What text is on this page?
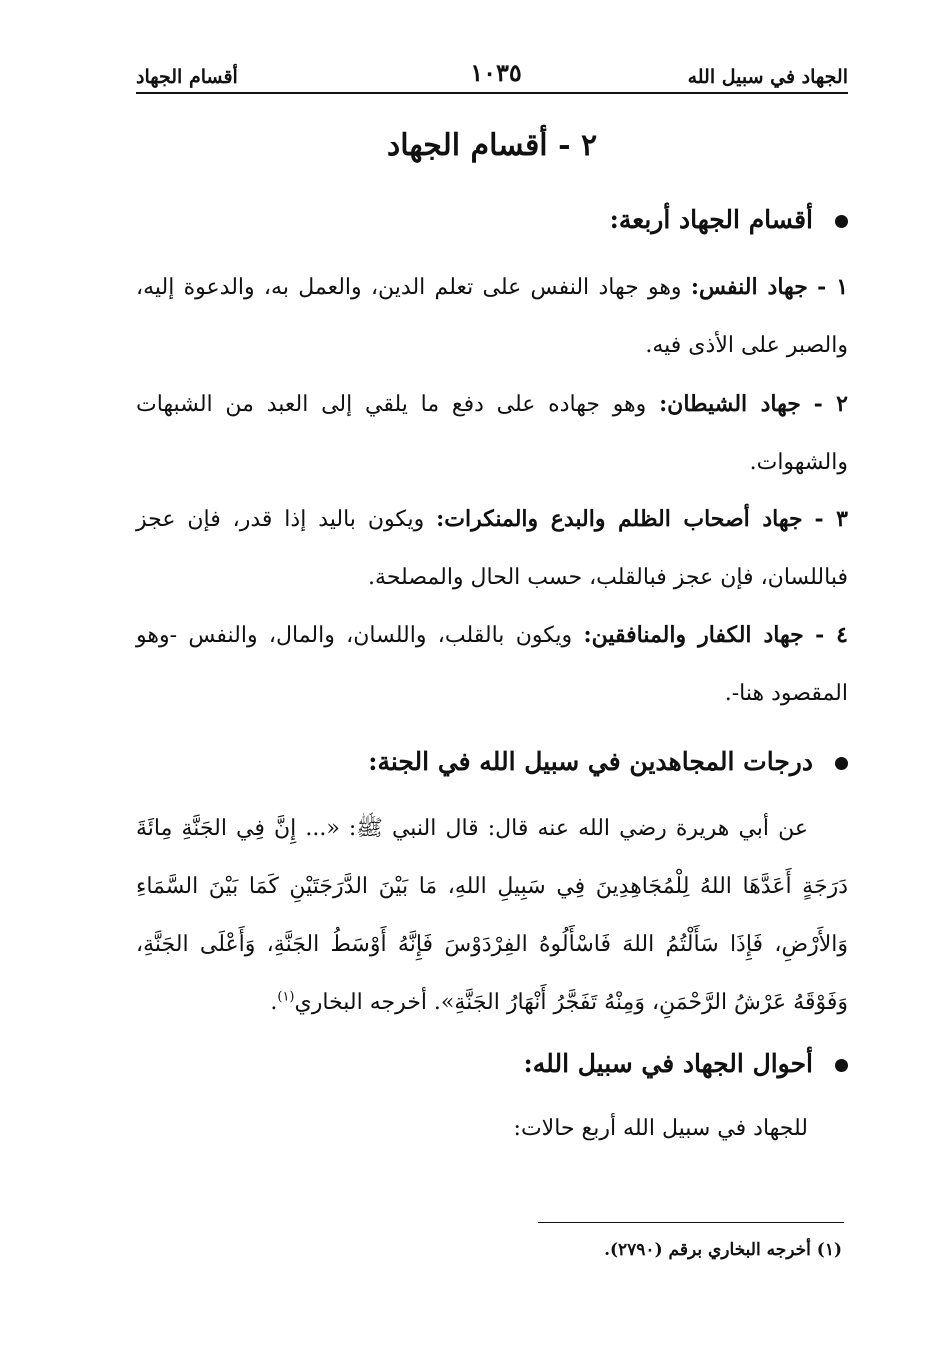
الجهاد في سبيل الله
١٠٣٥
أقسام الجهاد
٢ - أقسام الجهاد
أقسام الجهاد أربعة:
١ - جهاد النفس: وهو جهاد النفس على تعلم الدين، والعمل به، والدعوة إليه، والصبر على الأذى فيه.
٢ - جهاد الشيطان: وهو جهاده على دفع ما يلقي إلى العبد من الشبهات والشهوات.
٣ - جهاد أصحاب الظلم والبدع والمنكرات: ويكون باليد إذا قدر، فإن عجز فباللسان، فإن عجز فبالقلب، حسب الحال والمصلحة.
٤ - جهاد الكفار والمنافقين: ويكون بالقلب، واللسان، والمال، والنفس -وهو المقصود هنا-.
درجات المجاهدين في سبيل الله في الجنة:
عن أبي هريرة رضي الله عنه قال: قال النبي ﷺ: «... إِنَّ فِي الجَنَّةِ مِائَةَ دَرَجَةٍ أَعَدَّهَا اللهُ لِلْمُجَاهِدِينَ فِي سَبِيلِ اللهِ، مَا بَيْنَ الدَّرَجَتَيْنِ كَمَا بَيْنَ السَّمَاءِ وَالأَرْضِ، فَإِذَا سَأَلْتُمُ اللهَ فَاسْأَلُوهُ الفِرْدَوْسَ فَإِنَّهُ أَوْسَطُ الجَنَّةِ، وَأَعْلَى الجَنَّةِ، وَفَوْقَهُ عَرْشُ الرَّحْمَنِ، وَمِنْهُ تَفَجَّرُ أَنْهَارُ الجَنَّةِ». أخرجه البخاري$^{(١)}$.
أحوال الجهاد في سبيل الله:
للجهاد في سبيل الله أربع حالات:
(١) أخرجه البخاري برقم (٢٧٩٠).
